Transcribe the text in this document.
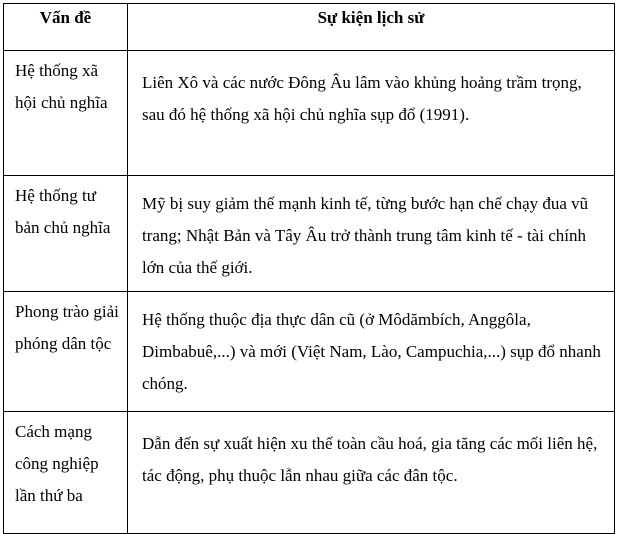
Vấn đề	Sự kiện lịch sử
Hệ thống xã hội chủ nghĩa	Liên Xô và các nước Đông Âu lâm vào khủng hoảng trầm trọng, sau đó hệ thống xã hội chủ nghĩa sụp đổ (1991).
Hệ thống tư bản chủ nghĩa	Mỹ bị suy giảm thế mạnh kinh tế, từng bước hạn chế chạy đua vũ trang; Nhật Bản và Tây Âu trở thành trung tâm kinh tế - tài chính lớn của thế giới.
Phong trào giải phóng dân tộc	Hệ thống thuộc địa thực dân cũ (ở Môdămbích, Anggôla, Dimbabuê,...) và mới (Việt Nam, Lào, Campuchia,...) sụp đổ nhanh chóng.
Cách mạng công nghiệp lần thứ ba	Dẫn đến sự xuất hiện xu thế toàn cầu hoá, gia tăng các mối liên hệ, tác động, phụ thuộc lẫn nhau giữa các đân tộc.
